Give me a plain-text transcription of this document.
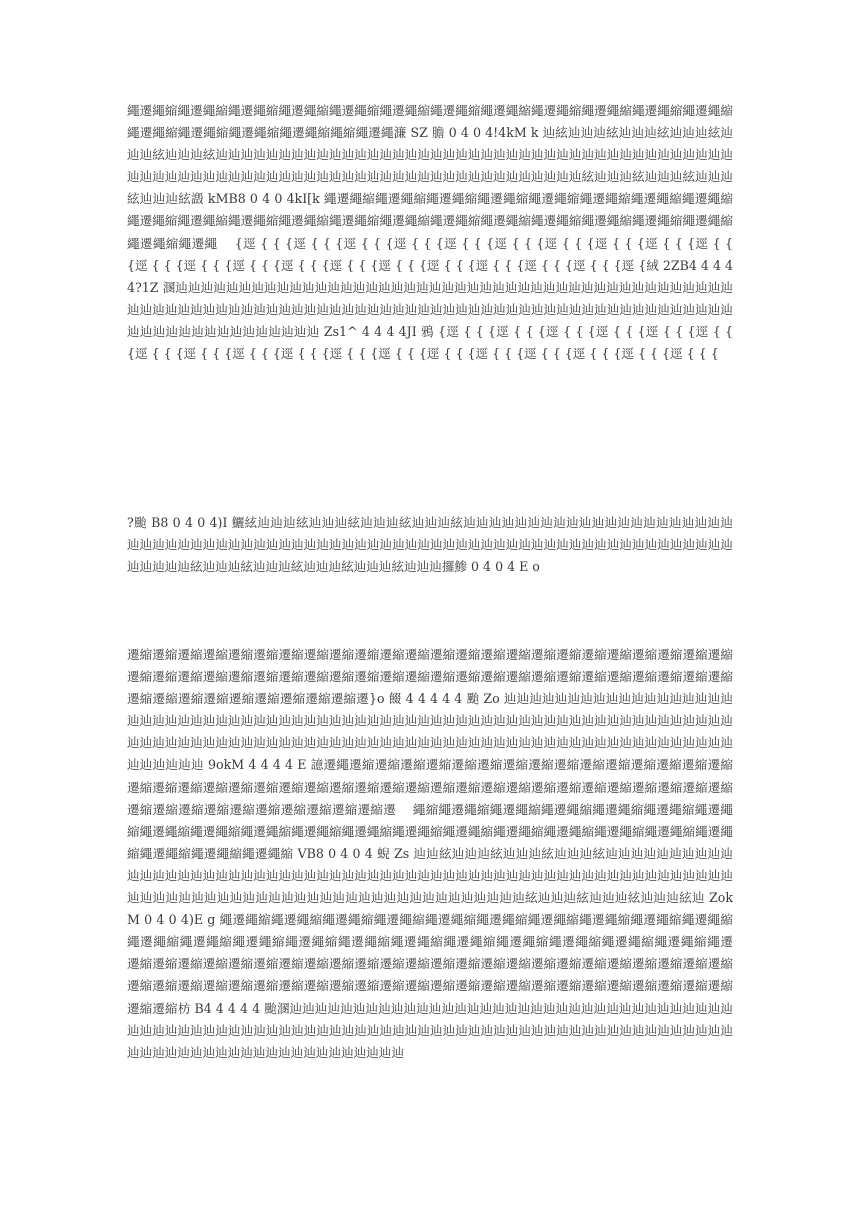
繩遷繩縮繩遷繩縮繩遷繩縮繩遷繩縮繩遷繩縮繩遷繩縮繩遷繩縮繩遷繩縮繩遷繩縮繩遷繩縮繩遷繩縮繩遷繩縮繩遷繩縮繩遷繩縮繩遷繩縮繩遷繩縮繩縮繩遷繩濂 SZ 膽 0 4 0 4!4kM k 辿絃辿辿辿絃辿辿辿絃辿辿辿絃辿辿辿絃辿辿辿絃辿辿辿辿辿辿辿辿辿辿辿辿辿辿辿辿辿辿辿辿辿辿辿辿辿辿辿辿辿辿辿辿辿辿辿辿辿辿辿辿辿辿辿辿辿辿辿辿辿辿辿辿辿辿辿辿辿辿辿辿辿辿辿辿辿辿辿辿辿辿辿辿辿辿辿辿辿絃辿辿辿絃辿辿辿絃辿辿辿絃辿辿辿絃譭 kMB8 0 4 0 4kI[k 繩遷繩縮繩遷繩縮繩遷繩縮繩遷繩縮繩遷繩縮繩遷繩縮繩遷繩縮繩遷繩縮繩遷繩縮繩遷繩縮繩遷繩縮繩遷繩縮繩遷繩縮繩遷繩縮繩遷繩縮繩遷繩縮繩遷繩縮繩遷繩縮繩遷繩縮繩遷繩縮繩遷繩縮繩遷繩    {逕 { { {逕 { { {逕 { { {逕 { { {逕 { { {逕 { { {逕 { { {逕 { { {逕 { { {逕 { { {逕 { { {逕 { { {逕 { { {逕 { { {逕 { { {逕 { { {逕 { { {逕 { { {逕 { { {逕 { { {逕 {絨 2ZB4 4 4 4 4?1Z 溷辿辿辿辿辿辿辿辿辿辿辿辿辿辿辿辿辿辿辿辿辿辿辿辿辿辿辿辿辿辿辿辿辿辿辿辿辿辿辿辿辿辿辿辿辿辿辿辿辿辿辿辿辿辿辿辿辿辿辿辿辿辿辿辿辿辿辿辿辿辿辿辿辿辿辿辿辿辿辿辿辿辿辿辿辿辿辿辿辿辿辿辿辿辿辿辿辿辿辿辿辿辿辿辿辿辿辿 Zs1^ 4 4 4 4JI 鴉 {逕 { { {逕 { { {逕 { { {逕 { { {逕 { { {逕 { { {逕 { { {逕 { { {逕 { { {逕 { { {逕 { { {逕 { { {逕 { { {逕 { { {逕 { { {逕 { { {逕 { { {逕 { { {

?颱 B8 0 4 0 4)I 鱺絃辿辿辿絃辿辿辿絃辿辿辿絃辿辿辿絃辿辿辿辿辿辿辿辿辿辿辿辿辿辿辿辿辿辿辿辿辿辿辿辿辿辿辿辿辿辿辿辿辿辿辿辿辿辿辿辿辿辿辿辿辿辿辿辿辿辿辿辿辿辿辿辿辿辿辿辿辿辿辿辿辿辿辿辿辿辿辿辿辿辿絃辿辿辿絃辿辿辿絃辿辿辿絃辿辿辿絃辿辿辿攞鯵 0 4 0 4 E o

遷縮遷縮遷縮遷縮遷縮遷縮遷縮遷縮遷縮遷縮遷縮遷縮遷縮遷縮遷縮遷縮遷縮遷縮遷縮遷縮遷縮遷縮遷縮遷縮遷縮遷縮遷縮遷縮遷縮遷縮遷縮遷縮遷縮遷縮遷縮遷縮遷縮遷縮遷縮遷縮遷縮遷縮遷縮遷縮遷縮遷縮遷縮遷縮遷縮遷縮遷縮遷縮遷縮遷縮遷縮遷縮遷縮遷}o 餟 4 4 4 4 4 颱 Zo 辿辿辿辿辿辿辿辿辿辿辿辿辿辿辿辿辿辿辿辿辿辿辿辿辿辿辿辿辿辿辿辿辿辿辿辿辿辿辿辿辿辿辿辿辿辿辿辿辿辿辿辿辿辿辿辿辿辿辿辿辿辿辿辿辿辿辿辿辿辿辿辿辿辿辿辿辿辿辿辿辿辿辿辿辿辿辿辿辿辿辿辿辿辿辿辿辿辿辿辿辿辿辿辿辿辿辿辿辿辿辿辿辿辿辿辿辿辿辿辿 9okM 4 4 4 4 E 譩遷繩遷縮遷縮遷縮遷縮遷縮遷縮遷縮遷縮遷縮遷縮遷縮遷縮遷縮遷縮遷縮遷縮遷縮遷縮遷縮遷縮遷縮遷縮遷縮遷縮遷縮遷縮遷縮遷縮遷縮遷縮遷縮遷縮遷縮遷縮遷縮遷縮遷縮遷縮遷縮遷縮遷縮遷縮遷縮遷縮遷縮遷縮遷縮遷縮遷縮遷    繩縮繩遷繩縮繩遷繩縮繩遷繩縮繩遷繩縮繩遷繩縮繩遷繩縮繩遷繩縮繩遷繩縮繩遷繩縮繩遷繩縮繩遷繩縮繩遷繩縮繩遷繩縮繩遷繩縮繩遷繩縮繩遷繩縮繩遷繩縮繩遷繩縮繩遷繩縮繩遷繩縮繩遷繩縮 VB8 0 4 0 4 蜺 Zs 辿辿絃辿辿辿絃辿辿辿絃辿辿辿絃辿辿辿辿辿辿辿辿辿辿辿辿辿辿辿辿辿辿辿辿辿辿辿辿辿辿辿辿辿辿辿辿辿辿辿辿辿辿辿辿辿辿辿辿辿辿辿辿辿辿辿辿辿辿辿辿辿辿辿辿辿辿辿辿辿辿辿辿辿辿辿辿辿辿辿辿辿辿辿辿辿辿辿辿辿辿辿辿辿絃辿辿辿絃辿辿辿絃辿辿辿絃辿 ZokM 0 4 0 4)E g 繩遷繩縮繩遷繩縮繩遷繩縮繩遷繩縮繩遷繩縮繩遷繩縮繩遷繩縮繩遷繩縮繩遷繩縮繩遷繩縮繩遷繩縮繩遷繩縮繩遷繩縮繩遷繩縮繩遷繩縮繩遷繩縮繩遷繩縮繩遷繩縮繩遷繩縮繩遷繩縮繩遷繩縮繩遷    遷縮遷縮遷縮遷縮遷縮遷縮遷縮遷縮遷縮遷縮遷縮遷縮遷縮遷縮遷縮遷縮遷縮遷縮遷縮遷縮遷縮遷縮遷縮遷縮遷縮遷縮遷縮遷縮遷縮遷縮遷縮遷縮遷縮遷縮遷縮遷縮遷縮遷縮遷縮遷縮遷縮遷縮遷縮遷縮遷縮遷縮遷縮遷縮遷縮遷縮枋 B4 4 4 4 4 颱溷辿辿辿辿辿辿辿辿辿辿辿辿辿辿辿辿辿辿辿辿辿辿辿辿辿辿辿辿辿辿辿辿辿辿辿辿辿辿辿辿辿辿辿辿辿辿辿辿辿辿辿辿辿辿辿辿辿辿辿辿辿辿辿辿辿辿辿辿辿辿辿辿辿辿辿辿辿辿辿辿辿辿辿辿辿辿辿辿辿辿辿辿辿辿辿辿辿辿辿辿辿辿辿辿辿
